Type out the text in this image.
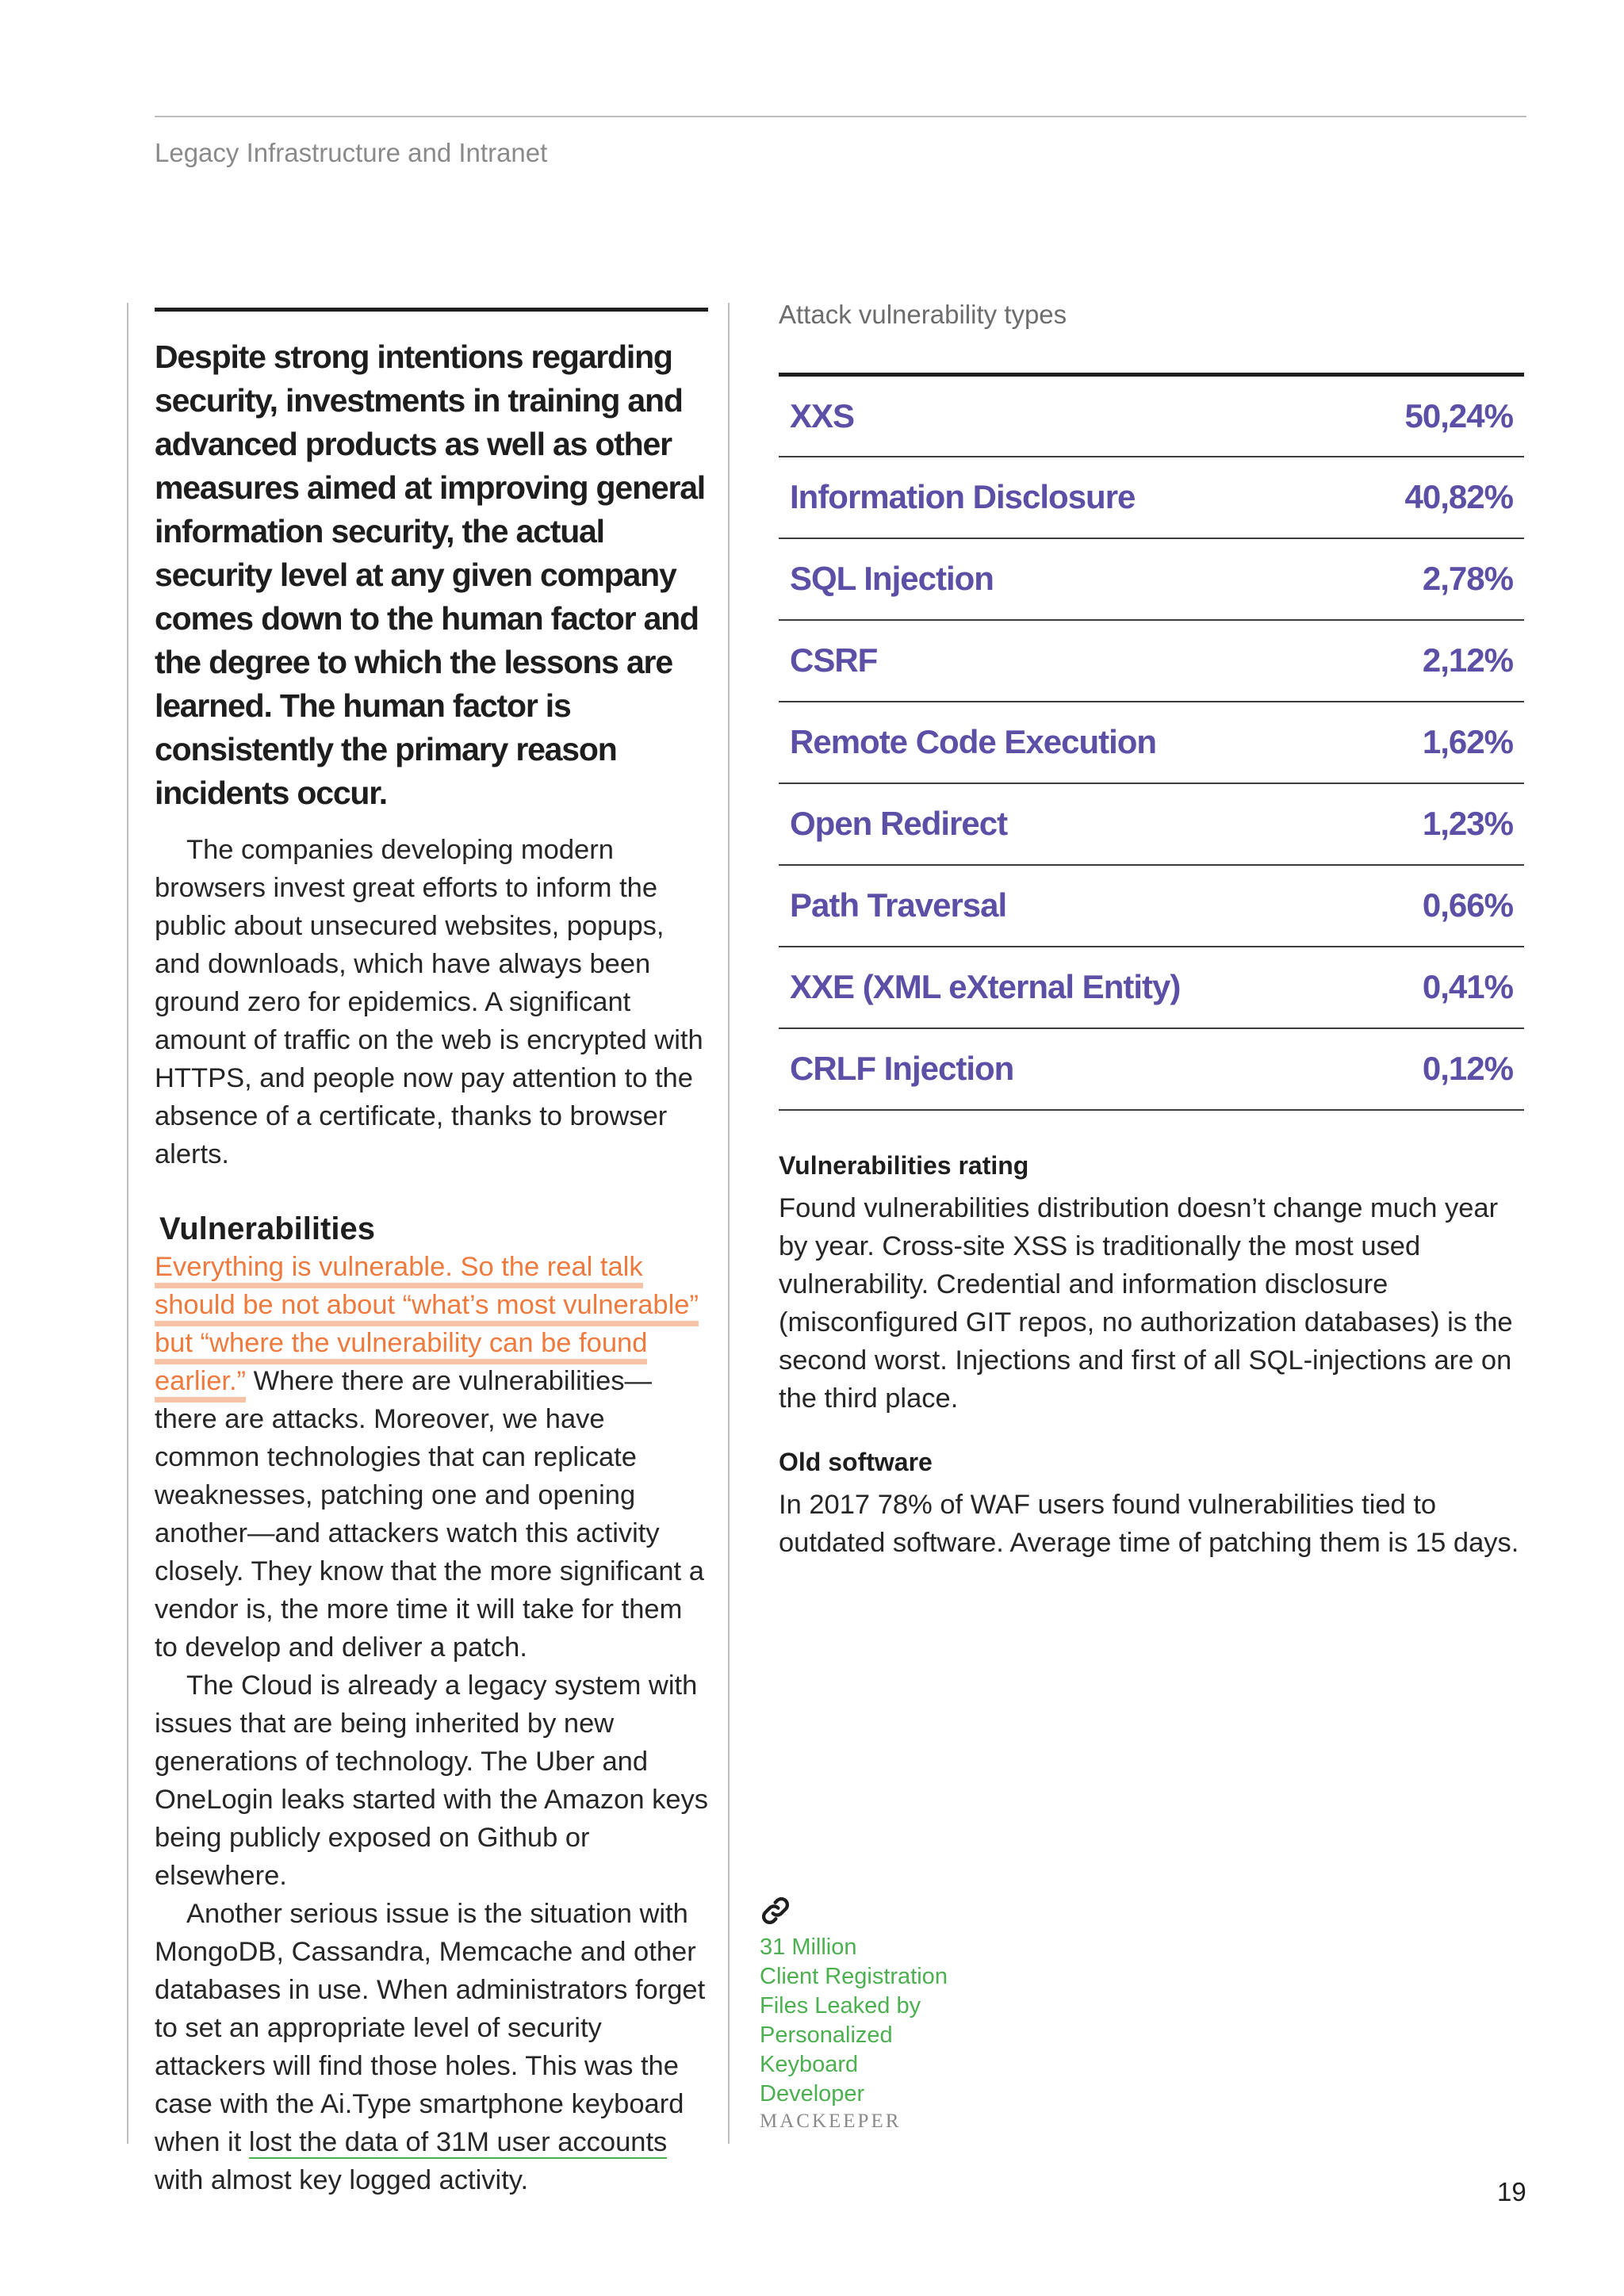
Legacy Infrastructure and Intranet

Despite strong intentions regarding security, investments in training and advanced products as well as other measures aimed at improving general information security, the actual security level at any given company comes down to the human factor and the degree to which the lessons are learned. The human factor is consistently the primary reason incidents occur.

The companies developing modern browsers invest great efforts to inform the public about unsecured websites, popups, and downloads, which have always been ground zero for epidemics. A significant amount of traffic on the web is encrypted with HTTPS, and people now pay attention to the absence of a certificate, thanks to browser alerts.

Vulnerabilities

Everything is vulnerable. So the real talk should be not about “what’s most vulnerable” but “where the vulnerability can be found earlier.” Where there are vulnerabilities—there are attacks. Moreover, we have common technologies that can replicate weaknesses, patching one and opening another—and attackers watch this activity closely. They know that the more significant a vendor is, the more time it will take for them to develop and deliver a patch.

The Cloud is already a legacy system with issues that are being inherited by new generations of technology. The Uber and OneLogin leaks started with the Amazon keys being publicly exposed on Github or elsewhere.

Another serious issue is the situation with MongoDB, Cassandra, Memcache and other databases in use. When administrators forget to set an appropriate level of security attackers will find those holes. This was the case with the Ai.Type smartphone keyboard when it lost the data of 31M user accounts with almost key logged activity.

Attack vulnerability types
XXS	50,24%
Information Disclosure	40,82%
SQL Injection	2,78%
CSRF	2,12%
Remote Code Execution	1,62%
Open Redirect	1,23%
Path Traversal	0,66%
XXE (XML eXternal Entity)	0,41%
CRLF Injection	0,12%
Vulnerabilities rating

Found vulnerabilities distribution doesn’t change much year by year. Cross-site XSS is traditionally the most used vulnerability. Credential and information disclosure (misconfigured GIT repos, no authorization databases) is the second worst. Injections and first of all SQL-injections are on the third place.

Old software

In 2017 78% of WAF users found vulnerabilities tied to outdated software. Average time of patching them is 15 days.

31 Million
Client Registration
Files Leaked by
Personalized
Keyboard
Developer
MACKEEPER
19
